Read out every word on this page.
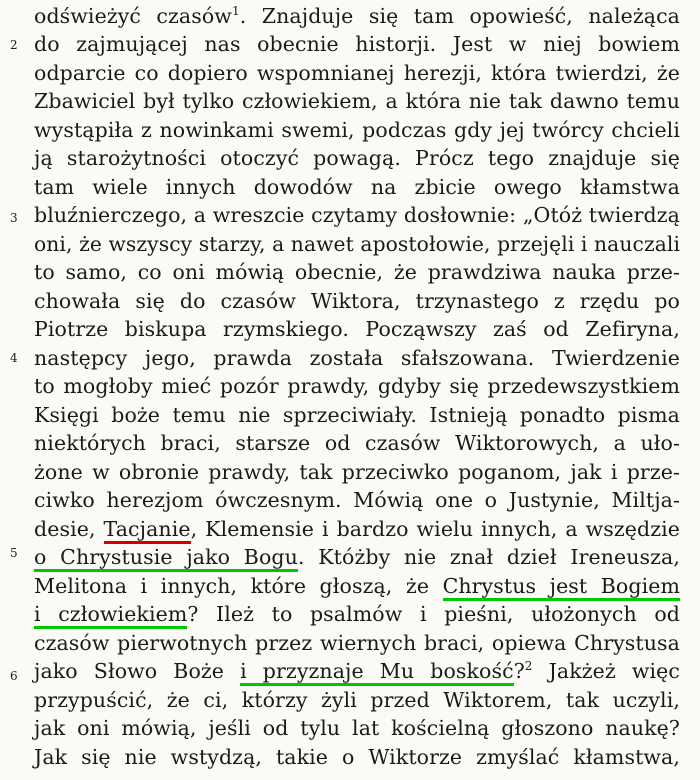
2
3
4
5
6
odświeżyć czasów$^1$. Znajduje się tam opowieść, należąca
do zajmującej nas obecnie historji. Jest w niej bowiem
odparcie co dopiero wspomnianej herezji, która twierdzi, że
Zbawiciel był tylko człowiekiem, a która nie tak dawno temu
wystąpiła z nowinkami swemi, podczas gdy jej twórcy chcieli
ją starożytności otoczyć powagą. Prócz tego znajduje się
tam wiele innych dowodów na zbicie owego kłamstwa
bluźnierczego, a wreszcie czytamy dosłownie: „Otóż twierdzą
oni, że wszyscy starzy, a nawet apostołowie, przejęli i nauczali
to samo, co oni mówią obecnie, że prawdziwa nauka prze-
chowała się do czasów Wiktora, trzynastego z rzędu po
Piotrze biskupa rzymskiego. Począwszy zaś od Zefiryna,
następcy jego, prawda została sfałszowana. Twierdzenie
to mogłoby mieć pozór prawdy, gdyby się przedewszystkiem
Księgi boże temu nie sprzeciwiały. Istnieją ponadto pisma
niektórych braci, starsze od czasów Wiktorowych, a uło-
żone w obronie prawdy, tak przeciwko poganom, jak i prze-
ciwko herezjom ówczesnym. Mówią one o Justynie, Miltja-
desie, Tacjanie, Klemensie i bardzo wielu innych, a wszędzie
o Chrystusie jako Bogu. Któżby nie znał dzieł Ireneusza,
Melitona i innych, które głoszą, że Chrystus jest Bogiem
i człowiekiem? Ileż to psalmów i pieśni, ułożonych od
czasów pierwotnych przez wiernych braci, opiewa Chrystusa
jako Słowo Boże i przyznaje Mu boskość?$^2$ Jakżeż więc
przypuścić, że ci, którzy żyli przed Wiktorem, tak uczyli,
jak oni mówią, jeśli od tylu lat kościelną głoszono naukę?
Jak się nie wstydzą, takie o Wiktorze zmyślać kłamstwa,
